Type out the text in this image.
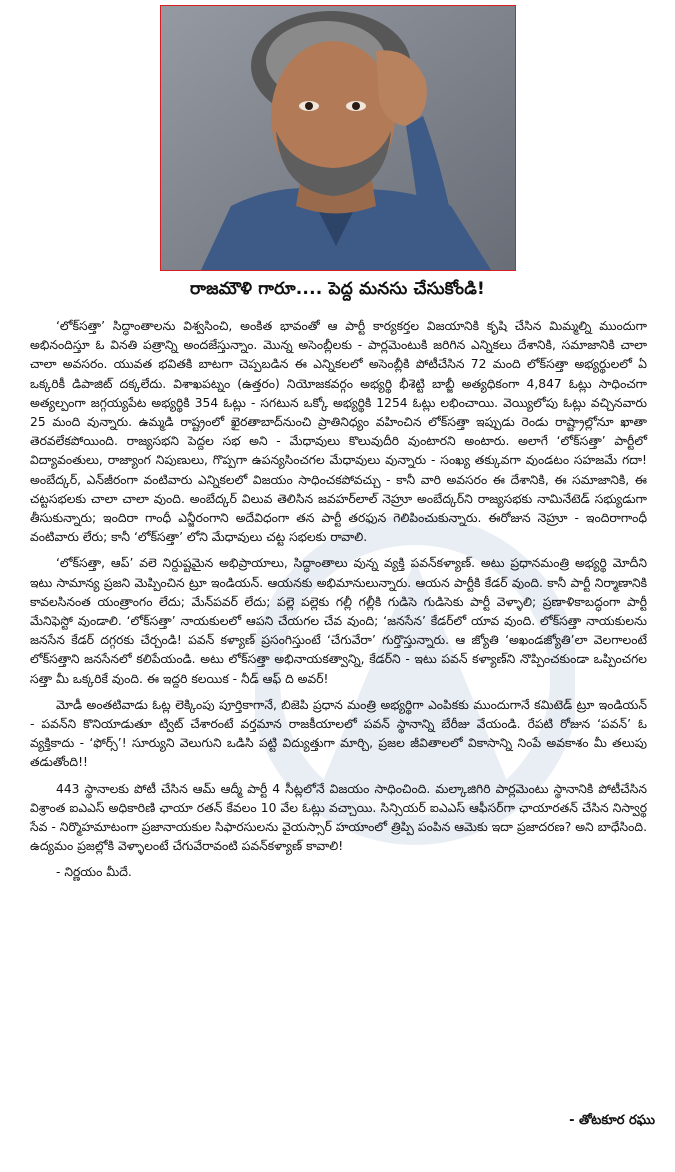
రాజమౌళి గారూ.... పెద్ద మనసు చేసుకోండి!

‘లోక్‌సత్తా’ సిద్ధాంతాలను విశ్వసించి, అంకిత భావంతో ఆ పార్టీ కార్యకర్తల విజయానికి కృషి చేసిన మిమ్మల్ని ముందుగా అభినందిస్తూ ఓ వినతి పత్రాన్ని అందజేస్తున్నాం. మొన్న అసెంబ్లీలకు - పార్లమెంటుకి జరిగిన ఎన్నికలు దేశానికి, సమాజానికి చాలా చాలా అవసరం. యువత భవితకి బాటగా చెప్పబడిన ఈ ఎన్నికలలో అసెంబ్లీకి పోటీచేసిన 72 మంది లోక్‌సత్తా అభ్యర్థులలో ఏ ఒక్కరికీ డిపాజిట్ దక్కలేదు. విశాఖపట్నం (ఉత్తరం) నియోజకవర్గం అభ్యర్థి భీశెట్టి బాబ్జీ అత్యధికంగా 4,847 ఓట్లు సాధించగా అత్యల్పంగా జగ్గయ్యపేట అభ్యర్థికి 354 ఓట్లు - సగటున ఒక్కో అభ్యర్థికి 1254 ఓట్లు లభించాయి. వెయ్యిలోపు ఓట్లు వచ్చినవారు 25 మంది వున్నారు. ఉమ్మడి రాష్ట్రంలో ఖైరతాబాద్‌నుంచి ప్రాతినిధ్యం వహించిన లోక్‌సత్తా ఇప్పుడు రెండు రాష్ట్రాల్లోనూ ఖాతా తెరవలేకపోయింది. రాజ్యసభని పెద్దల సభ అని - మేధావులు కొలువుదీరి వుంటారని అంటారు. అలాగే ‘లోక్‌సత్తా’ పార్టీలో విద్యావంతులు, రాజ్యాంగ నిపుణులు, గొప్పగా ఉపన్యసించగల మేధావులు వున్నారు - సంఖ్య తక్కువగా వుండటం సహజమే గదా! అంబేద్కర్, ఎన్‌జీరంగా వంటివారు ఎన్నికలలో విజయం సాధించకపోవచ్చు - కానీ వారి అవసరం ఈ దేశానికి, ఈ సమాజానికి, ఈ చట్టసభలకు చాలా చాలా వుంది. అంబేద్కర్ విలువ తెలిసిన జవహర్‌లాల్ నెహ్రూ అంబేద్కర్‌ని రాజ్యసభకు నామినేటెడ్ సభ్యుడుగా తీసుకున్నారు; ఇందిరా గాంధీ ఎన్జీరంగాని అదేవిధంగా తన పార్టీ తరఫున గెలిపించుకున్నారు. ఈరోజున నెహ్రూ - ఇందిరాగాంధీ వంటివారు లేరు; కానీ ‘లోక్‌సత్తా’ లోని మేధావులు చట్ట సభలకు రావాలి.

‘లోక్‌సత్తా, ఆప్’ వలె నిర్దుష్టమైన అభిప్రాయాలు, సిద్ధాంతాలు వున్న వ్యక్తి పవన్‌కళ్యాణ్. అటు ప్రధానమంత్రి అభ్యర్థి మోదీని ఇటు సామాన్య ప్రజని మెప్పించిన ట్రూ ఇండియన్. ఆయనకు అభిమానులున్నారు. ఆయన పార్టీకి కేడర్ వుంది. కానీ పార్టీ నిర్మాణానికి కావలసినంత యంత్రాంగం లేదు; మేన్‌పవర్ లేదు; పల్లె పల్లెకు గల్లీ గల్లీకి గుడిసె గుడిసెకు పార్టీ వెళ్ళాలి; ప్రణాళికాబద్ధంగా పార్టీ మేనిఫెస్టో వుండాలి. ‘లోక్‌సత్తా’ నాయకులలో ఆపని చేయగల చేవ వుంది; ‘జనసేన’ కేడర్‌లో యావ వుంది. లోక్‌సత్తా నాయకులను జనసేన కేడర్ దగ్గరకు చేర్చండి! పవన్ కళ్యాణ్ ప్రసంగిస్తుంటే ‘చేగువేరా’ గుర్తొస్తున్నారు. ఆ జ్యోతి ‘అఖండజ్యోతి’లా వెలగాలంటే లోక్‌సత్తాని జనసేనలో కలిపేయండి. అటు లోక్‌సత్తా అభినాయకత్వాన్ని, కేడర్‌ని - ఇటు పవన్ కళ్యాణ్‌ని నొప్పించకుండా ఒప్పించగల సత్తా మీ ఒక్కరికే వుంది. ఈ ఇద్దరి కలయిక - నీడ్ ఆఫ్ ది అవర్!

మోడీ అంతటివాడు ఓట్ల లెక్కింపు పూర్తికాగానే, బిజెపి ప్రధాన మంత్రి అభ్యర్థిగా ఎంపికకు ముందుగానే కమిటెడ్ ట్రూ ఇండియన్ - పవన్‌ని కొనియాడుతూ ట్విట్ చేశారంటే వర్తమాన రాజకీయాలలో పవన్ స్థానాన్ని బేరీజు వేయండి. రేపటి రోజున ‘పవన్’ ఓ వ్యక్తికాదు - ‘ఫోర్స్’! సూర్యుని వెలుగుని ఒడిసి పట్టి విద్యుత్తుగా మార్చి, ప్రజల జీవితాలలో వికాసాన్ని నింపే అవకాశం మీ తలుపు తడుతోంది!!

443 స్థానాలకు పోటీ చేసిన ఆమ్ ఆద్మీ పార్టీ 4 సీట్లలోనే విజయం సాధించింది. మల్కాజిగిరి పార్లమెంటు స్థానానికి పోటీచేసిన విశ్రాంత ఐఎఎస్ అధికారిణి ఛాయా రతన్ కేవలం 10 వేల ఓట్లు వచ్చాయి. సిన్సియర్ ఐఎఎస్ ఆఫీసర్‌గా ఛాయారతన్ చేసిన నిస్వార్థ సేవ - నిర్మొహమాటంగా ప్రజానాయకుల సిఫారసులను వైయస్సార్ హయాంలో త్రిప్పి పంపిన ఆమెకు ఇదా ప్రజాదరణ? అని బాధేసింది. ఉద్యమం ప్రజల్లోకి వెళ్ళాలంటే చేగువేరావంటి పవన్‌కళ్యాణ్ కావాలి!

- నిర్ణయం మీదే.

- తోటకూర రఘు
